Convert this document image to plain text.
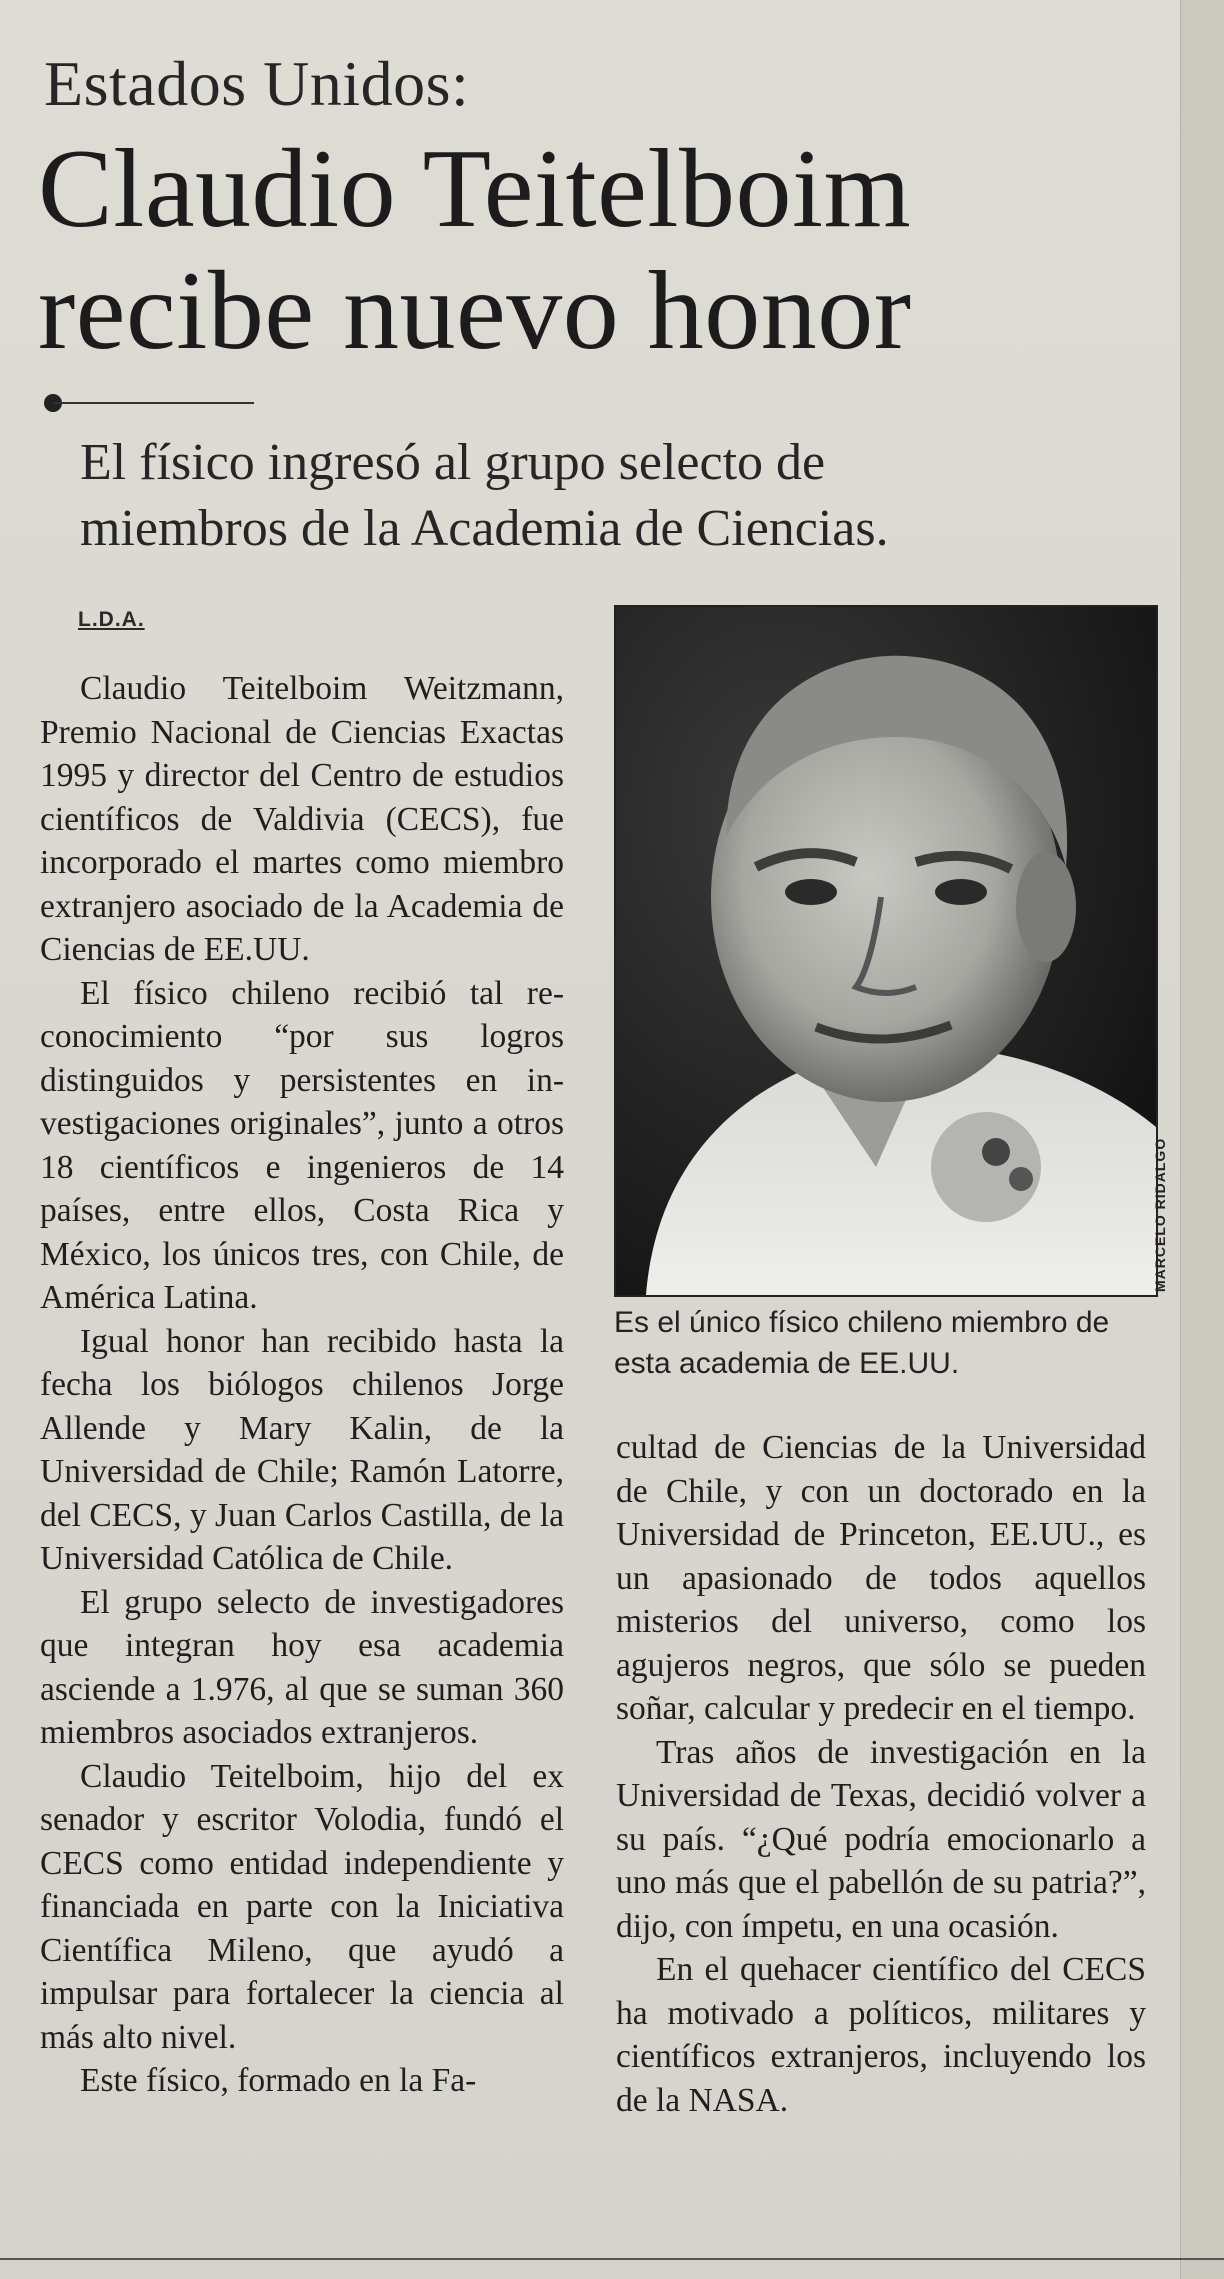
Estados Unidos:
Claudio Teitelboim
recibe nuevo honor
El físico ingresó al grupo selecto de
miembros de la Academia de Ciencias.
L.D.A.

Claudio Teitelboim Weitzmann, Premio Nacional de Ciencias Exactas 1995 y director del Centro de estudios científicos de Valdivia (CECS), fue incorporado el martes como miembro extranjero asociado de la Academia de Ciencias de EE.UU.

El físico chileno recibió tal reconocimiento “por sus logros distinguidos y persistentes en investigaciones originales”, junto a otros 18 científicos e ingenieros de 14 países, entre ellos, Costa Rica y México, los únicos tres, con Chile, de América Latina.

Igual honor han recibido hasta la fecha los biólogos chilenos Jorge Allende y Mary Kalin, de la Universidad de Chile; Ramón Latorre, del CECS, y Juan Carlos Castilla, de la Universidad Católica de Chile.

El grupo selecto de investigadores que integran hoy esa academia asciende a 1.976, al que se suman 360 miembros asociados extranjeros.

Claudio Teitelboim, hijo del ex senador y escritor Volodia, fundó el CECS como entidad independiente y financiada en parte con la Iniciativa Científica Mileno, que ayudó a impulsar para fortalecer la ciencia al más alto nivel.

Este físico, formado en la Fa-

MARCELO RIDALGO
Es el único físico chileno miembro de esta academia de EE.UU.

cultad de Ciencias de la Universidad de Chile, y con un doctorado en la Universidad de Princeton, EE.UU., es un apasionado de todos aquellos misterios del universo, como los agujeros negros, que sólo se pueden soñar, calcular y predecir en el tiempo.

Tras años de investigación en la Universidad de Texas, decidió volver a su país. “¿Qué podría emocionarlo a uno más que el pabellón de su patria?”, dijo, con ímpetu, en una ocasión.

En el quehacer científico del CECS ha motivado a políticos, militares y científicos extranjeros, incluyendo los de la NASA.
